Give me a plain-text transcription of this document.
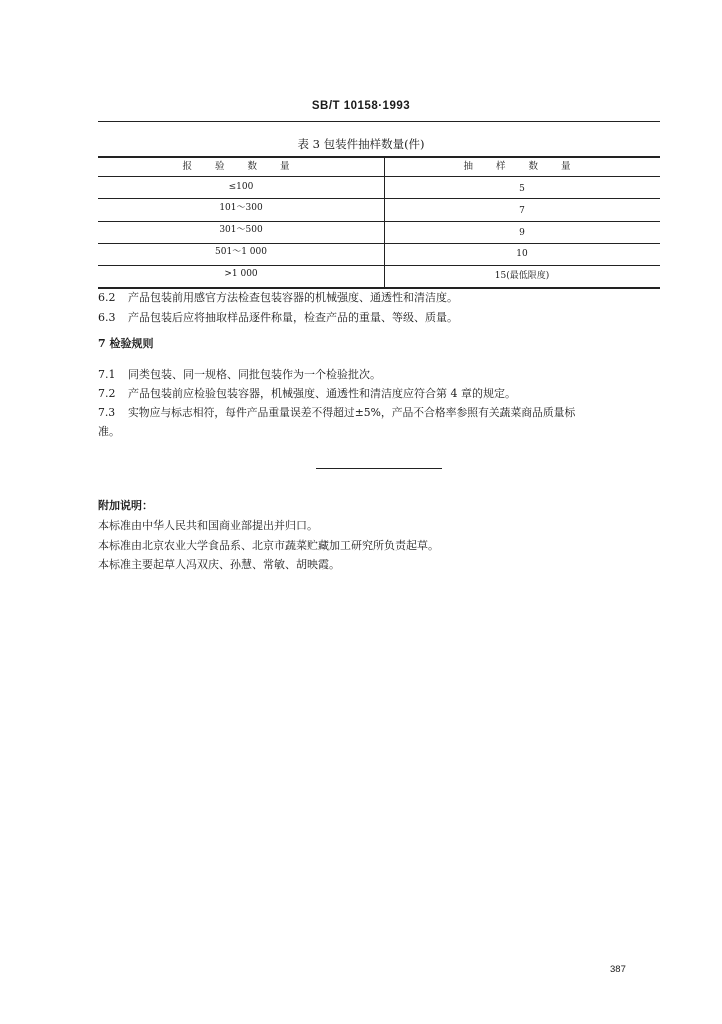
SB/T 10158·1993
表 3 包装件抽样数量(件)
报 验 数 量	抽 样 数 量
≤100	5
101～300	7
301～500	9
501～1 000	10
>1 000	15(最低限度)
6.2 产品包装前用感官方法检查包装容器的机械强度、通透性和清洁度。
6.3 产品包装后应将抽取样品逐件称量，检查产品的重量、等级、质量。
7 检验规则
7.1 同类包装、同一规格、同批包装作为一个检验批次。
7.2 产品包装前应检验包装容器，机械强度、通透性和清洁度应符合第 4 章的规定。
7.3 实物应与标志相符，每件产品重量误差不得超过±5%，产品不合格率参照有关蔬菜商品质量标
准。
附加说明：
本标准由中华人民共和国商业部提出并归口。
本标准由北京农业大学食品系、北京市蔬菜贮藏加工研究所负责起草。
本标准主要起草人冯双庆、孙慧、常敏、胡映霞。
387
